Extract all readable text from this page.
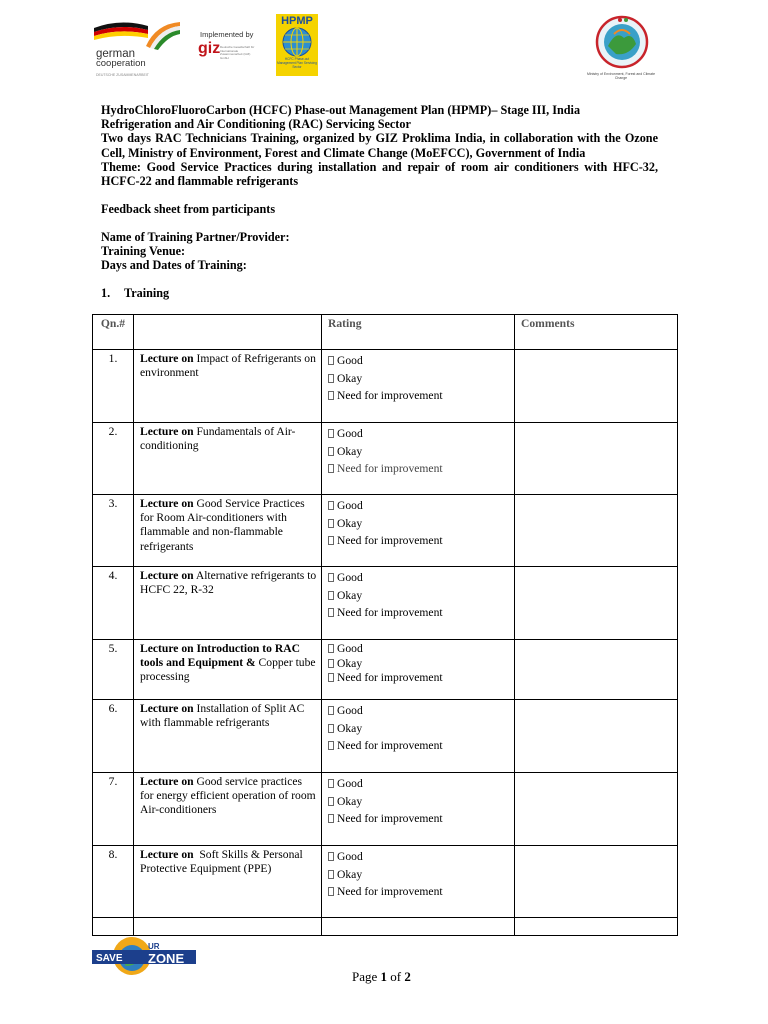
german
cooperation
DEUTSCHE ZUSAMMENARBEIT
Implemented by
giz Deutsche Gesellschaft für Internationale Zusammenarbeit (GIZ) GmbH
HPMP
HCFC Phase-out Management Plan Servicing Sector
Ministry of Environment, Forest and Climate Change

HydroChloroFluoroCarbon (HCFC) Phase-out Management Plan (HPMP)– Stage III, India

Refrigeration and Air Conditioning (RAC) Servicing Sector

Two days RAC Technicians Training, organized by GIZ Proklima India, in collaboration with the Ozone Cell, Ministry of Environment, Forest and Climate Change (MoEFCC), Government of India

Theme: Good Service Practices during installation and repair of room air conditioners with HFC-32, HCFC-22 and flammable refrigerants

Feedback sheet from participants
Name of Training Partner/Provider:
Training Venue:
Days and Dates of Training:
1. Training
Qn.#		Rating	Comments
1.	Lecture on Impact of Refrigerants on environment	Good
Okay
Need for improvement	

2.	Lecture on Fundamentals of Air-conditioning	Good
Okay
Need for improvement	

3.	Lecture on Good Service Practices for Room Air-conditioners with flammable and non-flammable refrigerants	Good
Okay
Need for improvement	

4.	Lecture on Alternative refrigerants to HCFC 22, R-32	Good
Okay
Need for improvement	

5.	Lecture on Introduction to RAC tools and Equipment & Copper tube processing	Good
Okay
Need for improvement	

6.	Lecture on Installation of Split AC with flammable refrigerants	Good
Okay
Need for improvement	

7.	Lecture on Good service practices for energy efficient operation of room Air-conditioners	Good
Okay
Need for improvement	

8.	Lecture on  Soft Skills & Personal Protective Equipment (PPE)	Good
Okay
Need for improvement	

SAVE
UR
ZONE
Page 1 of 2
